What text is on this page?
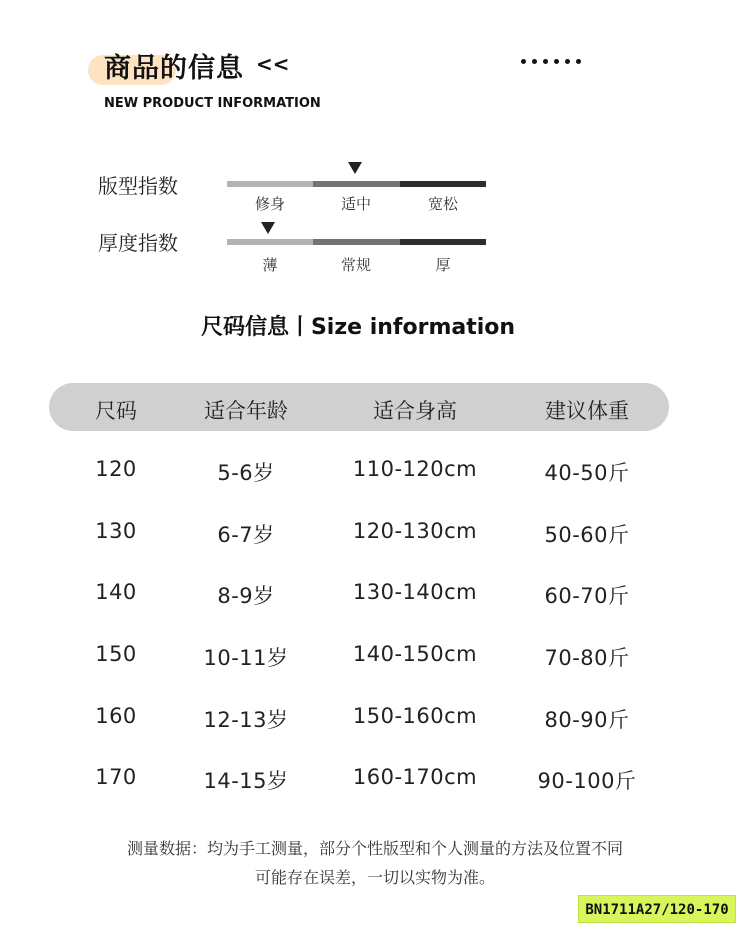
商品的信息 <<
NEW PRODUCT INFORMATION
版型指数
修身	适中	宽松
厚度指数
薄	常规	厚
尺码信息丨Size information
尺码	适合年龄	适合身高	建议体重
120	5-6岁	110-120cm	40-50斤
130	6-7岁	120-130cm	50-60斤
140	8-9岁	130-140cm	60-70斤
150	10-11岁	140-150cm	70-80斤
160	12-13岁	150-160cm	80-90斤
170	14-15岁	160-170cm	90-100斤
测量数据：均为手工测量，部分个性版型和个人测量的方法及位置不同
可能存在误差，一切以实物为准。
BN1711A27/120-170
